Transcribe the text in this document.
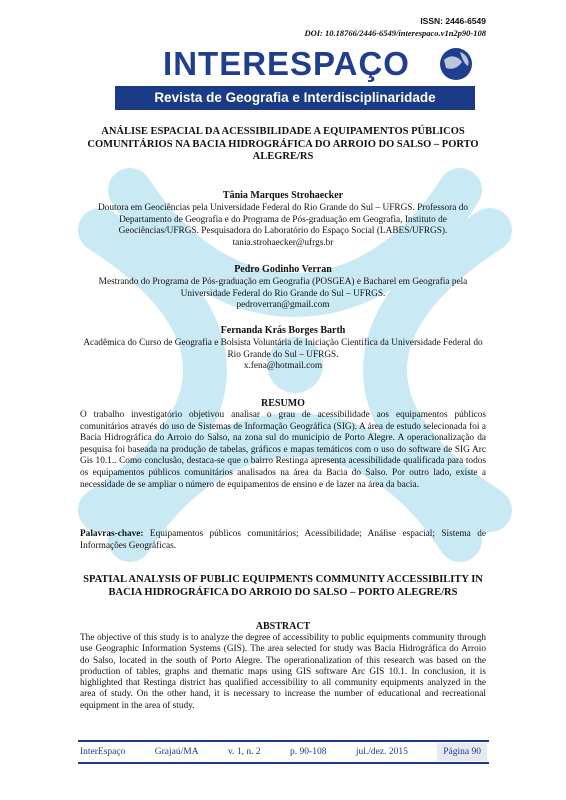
ISSN: 2446-6549
DOI: 10.18766/2446-6549/interespaco.v1n2p90-108
INTERESPAÇO
Revista de Geografia e Interdisciplinaridade
ANÁLISE ESPACIAL DA ACESSIBILIDADE A EQUIPAMENTOS PÚBLICOS COMUNITÁRIOS NA BACIA HIDROGRÁFICA DO ARROIO DO SALSO – PORTO ALEGRE/RS
Tânia Marques Strohaecker
Doutora em Geociências pela Universidade Federal do Rio Grande do Sul – UFRGS. Professora do Departamento de Geografia e do Programa de Pós-graduação em Geografia, Instituto de Geociências/UFRGS. Pesquisadora do Laboratório do Espaço Social (LABES/UFRGS).
tania.strohaecker@ufrgs.br
Pedro Godinho Verran
Mestrando do Programa de Pós-graduação em Geografia (POSGEA) e Bacharel em Geografia pela Universidade Federal do Rio Grande do Sul – UFRGS.
pedroverran@gmail.com
Fernanda Krás Borges Barth
Acadêmica do Curso de Geografia e Bolsista Voluntária de Iniciação Científica da Universidade Federal do Rio Grande do Sul – UFRGS.
x.fena@hotmail.com
RESUMO
O trabalho investigatório objetivou analisar o grau de acessibilidade aos equipamentos públicos comunitários através do uso de Sistemas de Informação Geográfica (SIG). A área de estudo selecionada foi a Bacia Hidrográfica do Arroio do Salso, na zona sul do município de Porto Alegre. A operacionalização da pesquisa foi baseada na produção de tabelas, gráficos e mapas temáticos com o uso do software de SIG Arc Gis 10.1.. Como conclusão, destaca-se que o bairro Restinga apresenta acessibilidade qualificada para todos os equipamentos públicos comunitários analisados na área da Bacia do Salso. Por outro lado, existe a necessidade de se ampliar o número de equipamentos de ensino e de lazer na área da bacia.
Palavras-chave: Equipamentos públicos comunitários; Acessibilidade; Análise espacial; Sistema de Informações Geográficas.
SPATIAL ANALYSIS OF PUBLIC EQUIPMENTS COMMUNITY ACCESSIBILITY IN BACIA HIDROGRÁFICA DO ARROIO DO SALSO – PORTO ALEGRE/RS
ABSTRACT
The objective of this study is to analyze the degree of accessibility to public equipments community through use Geographic Information Systems (GIS). The area selected for study was Bacia Hidrográfica do Arroio do Salso, located in the south of Porto Alegre. The operationalization of this research was based on the production of tables, graphs and thematic maps using GIS software Arc GIS 10.1. In conclusion, it is highlighted that Restinga district has qualified accessibility to all community equipments analyzed in the area of study. On the other hand, it is necessary to increase the number of educational and recreational equipment in the area of study.
InterEspaço	Grajaú/MA	v. 1, n. 2	p. 90-108	jul./dez. 2015	Página 90
